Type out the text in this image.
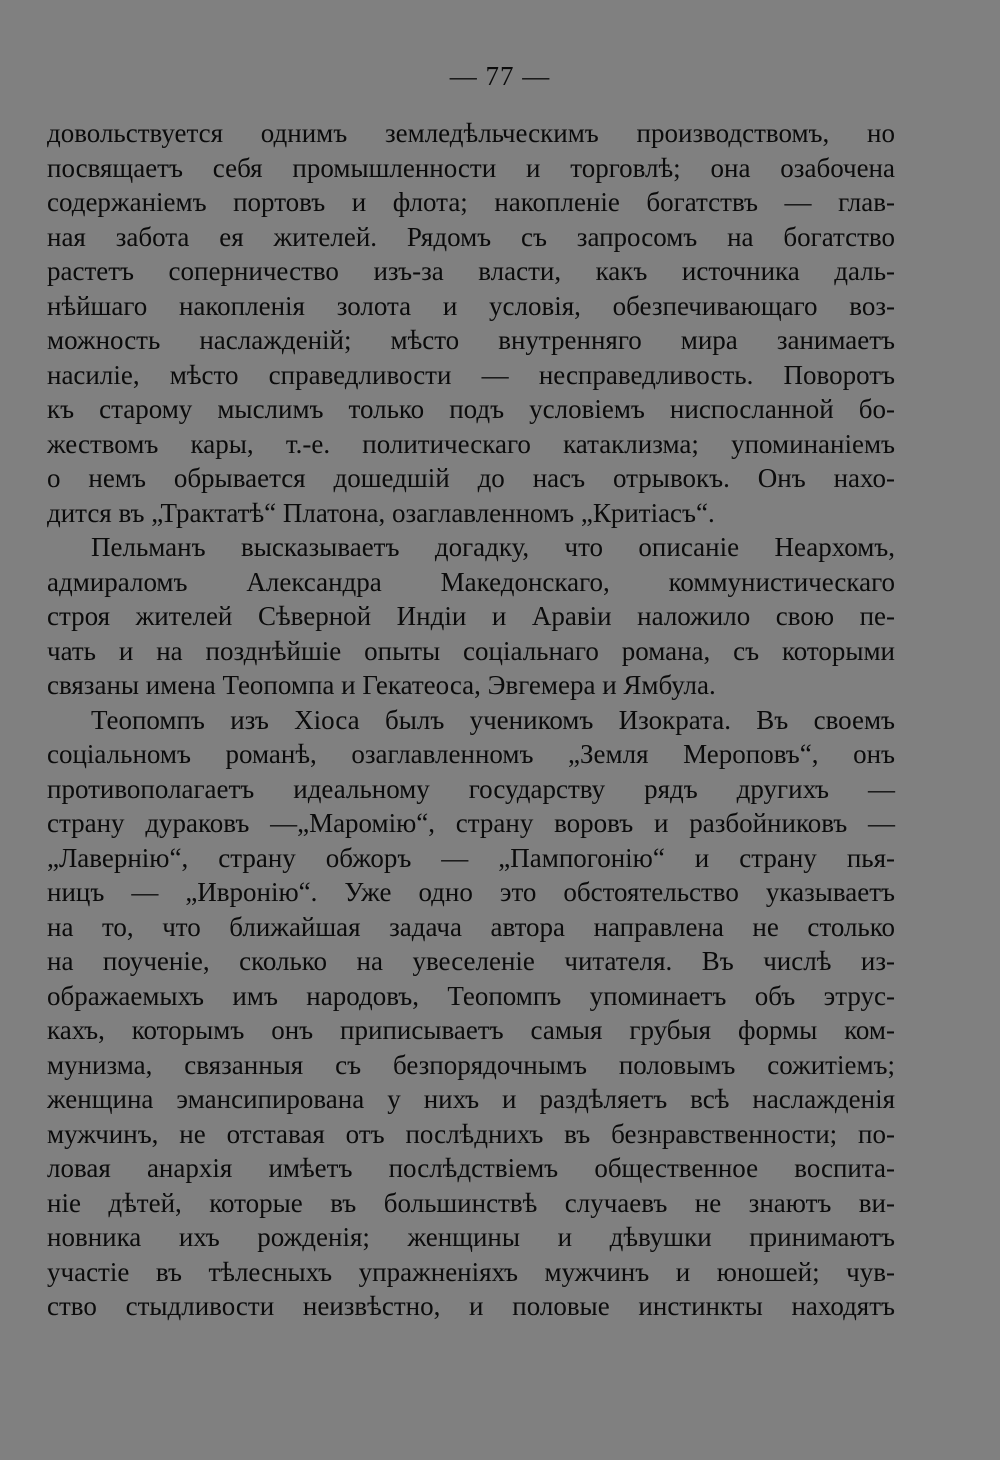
— 77 —
довольствуется однимъ земледѣльческимъ производствомъ, но
посвящаетъ себя промышленности и торговлѣ; она озабочена
содержаніемъ портовъ и флота; накопленіе богатствъ — глав-
ная забота ея жителей. Рядомъ съ запросомъ на богатство
растетъ соперничество изъ-за власти, какъ источника даль-
нѣйшаго накопленія золота и условія, обезпечивающаго воз-
можность наслажденій; мѣсто внутренняго мира занимаетъ
насиліе, мѣсто справедливости — несправедливость. Поворотъ
къ старому мыслимъ только подъ условіемъ ниспосланной бо-
жествомъ кары, т.-е. политическаго катаклизма; упоминаніемъ
о немъ обрывается дошедшій до насъ отрывокъ. Онъ нахо-
дится въ „Трактатѣ“ Платона, озаглавленномъ „Критіасъ“.
Пельманъ высказываетъ догадку, что описаніе Неархомъ,
адмираломъ Александра Македонскаго, коммунистическаго
строя жителей Сѣверной Индіи и Аравіи наложило свою пе-
чать и на позднѣйшіе опыты соціальнаго романа, съ которыми
связаны имена Теопомпа и Гекатеоса, Эвгемера и Ямбула.
Теопомпъ изъ Хіоса былъ ученикомъ Изократа. Въ своемъ
соціальномъ романѣ, озаглавленномъ „Земля Мероповъ“, онъ
противополагаетъ идеальному государству рядъ другихъ —
страну дураковъ —„Маромію“, страну воровъ и разбойниковъ —
„Лавернію“, страну обжоръ — „Пампогонію“ и страну пья-
ницъ — „Ивронію“. Уже одно это обстоятельство указываетъ
на то, что ближайшая задача автора направлена не столько
на поученіе, сколько на увеселеніе читателя. Въ числѣ из-
ображаемыхъ имъ народовъ, Теопомпъ упоминаетъ объ этрус-
кахъ, которымъ онъ приписываетъ самыя грубыя формы ком-
мунизма, связанныя съ безпорядочнымъ половымъ сожитіемъ;
женщина эмансипирована у нихъ и раздѣляетъ всѣ наслажденія
мужчинъ, не отставая отъ послѣднихъ въ безнравственности; по-
ловая анархія имѣетъ послѣдствіемъ общественное воспита-
ніе дѣтей, которые въ большинствѣ случаевъ не знаютъ ви-
новника ихъ рожденія; женщины и дѣвушки принимаютъ
участіе въ тѣлесныхъ упражненіяхъ мужчинъ и юношей; чув-
ство стыдливости неизвѣстно, и половые инстинкты находятъ
